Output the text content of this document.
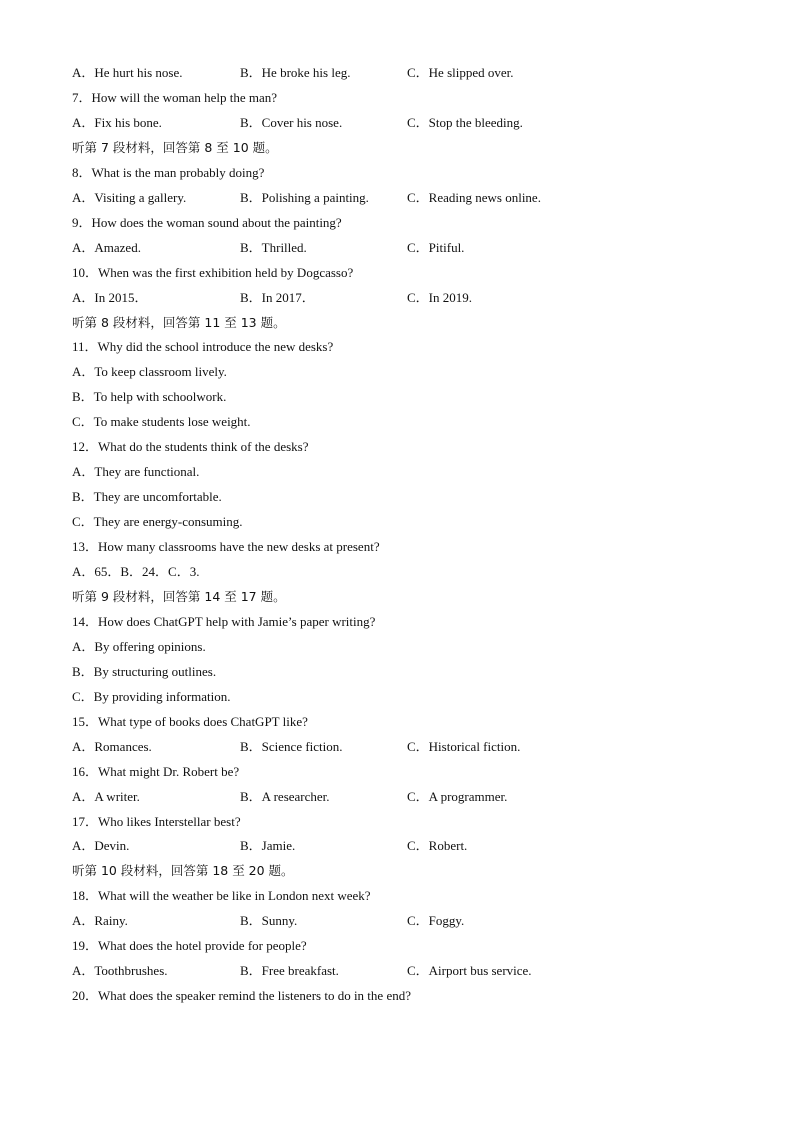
A．He hurt his nose.	B．He broke his leg.	C．He slipped over.
7．How will the woman help the man?
A．Fix his bone.	B．Cover his nose.	C．Stop the bleeding.
听第 7 段材料，回答第 8 至 10 题。
8．What is the man probably doing?
A．Visiting a gallery.	B．Polishing a painting.	C．Reading news online.
9．How does the woman sound about the painting?
A．Amazed.	B．Thrilled.	C．Pitiful.
10．When was the first exhibition held by Dogcasso?
A．In 2015．	B．In 2017．	C．In 2019.
听第 8 段材料，回答第 11 至 13 题。
11．Why did the school introduce the new desks?
A．To keep classroom lively.
B．To help with schoolwork.
C．To make students lose weight.
12．What do the students think of the desks?
A．They are functional.
B．They are uncomfortable.
C．They are energy-consuming.
13．How many classrooms have the new desks at present?
A．65．B．24．C．3.
听第 9 段材料，回答第 14 至 17 题。
14．How does ChatGPT help with Jamie’s paper writing?
A．By offering opinions.
B．By structuring outlines.
C．By providing information.
15．What type of books does ChatGPT like?
A．Romances.	B．Science fiction.	C．Historical fiction.
16．What might Dr. Robert be?
A．A writer.	B．A researcher.	C．A programmer.
17．Who likes Interstellar best?
A．Devin.	B．Jamie.	C．Robert.
听第 10 段材料，回答第 18 至 20 题。
18．What will the weather be like in London next week?
A．Rainy.	B．Sunny.	C．Foggy.
19．What does the hotel provide for people?
A．Toothbrushes.	B．Free breakfast.	C．Airport bus service.
20．What does the speaker remind the listeners to do in the end?
